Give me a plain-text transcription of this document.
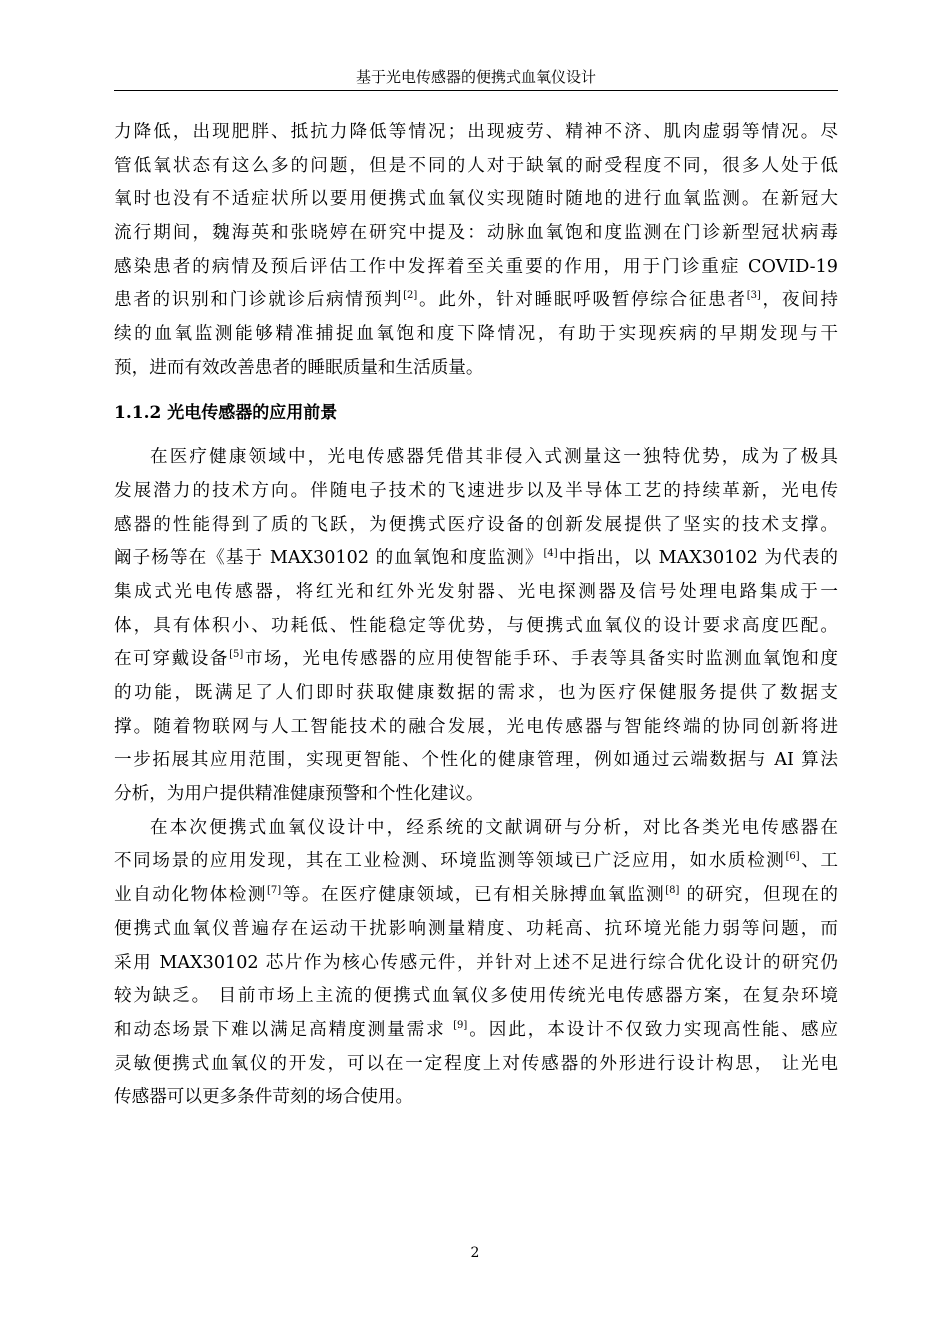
基于光电传感器的便携式血氧仪设计
力降低，出现肥胖、抵抗力降低等情况；出现疲劳、精神不济、肌肉虚弱等情况。尽
管低氧状态有这么多的问题，但是不同的人对于缺氧的耐受程度不同，很多人处于低
氧时也没有不适症状所以要用便携式血氧仪实现随时随地的进行血氧监测。在新冠大
流行期间，魏海英和张晓婷在研究中提及：动脉血氧饱和度监测在门诊新型冠状病毒
感染患者的病情及预后评估工作中发挥着至关重要的作用，用于门诊重症 COVID-19
患者的识别和门诊就诊后病情预判[2]。此外，针对睡眠呼吸暂停综合征患者[3]，夜间持
续的血氧监测能够精准捕捉血氧饱和度下降情况，有助于实现疾病的早期发现与干
预，进而有效改善患者的睡眠质量和生活质量。
1.1.2 光电传感器的应用前景
在医疗健康领域中，光电传感器凭借其非侵入式测量这一独特优势，成为了极具
发展潜力的技术方向。伴随电子技术的飞速进步以及半导体工艺的持续革新，光电传
感器的性能得到了质的飞跃，为便携式医疗设备的创新发展提供了坚实的技术支撑。
阚子杨等在《基于 MAX30102 的血氧饱和度监测》[4]中指出，以 MAX30102 为代表的
集成式光电传感器，将红光和红外光发射器、光电探测器及信号处理电路集成于一
体，具有体积小、功耗低、性能稳定等优势，与便携式血氧仪的设计要求高度匹配。
在可穿戴设备[5]市场，光电传感器的应用使智能手环、手表等具备实时监测血氧饱和度
的功能，既满足了人们即时获取健康数据的需求，也为医疗保健服务提供了数据支
撑。随着物联网与人工智能技术的融合发展，光电传感器与智能终端的协同创新将进
一步拓展其应用范围，实现更智能、个性化的健康管理，例如通过云端数据与 AI 算法
分析，为用户提供精准健康预警和个性化建议。
在本次便携式血氧仪设计中，经系统的文献调研与分析，对比各类光电传感器在
不同场景的应用发现，其在工业检测、环境监测等领域已广泛应用，如水质检测[6]、工
业自动化物体检测[7]等。在医疗健康领域，已有相关脉搏血氧监测[8] 的研究，但现在的
便携式血氧仪普遍存在运动干扰影响测量精度、功耗高、抗环境光能力弱等问题，而
采用 MAX30102 芯片作为核心传感元件，并针对上述不足进行综合优化设计的研究仍
较为缺乏。 目前市场上主流的便携式血氧仪多使用传统光电传感器方案，在复杂环境
和动态场景下难以满足高精度测量需求 [9]。因此，本设计不仅致力实现高性能、感应
灵敏便携式血氧仪的开发，可以在一定程度上对传感器的外形进行设计构思， 让光电
传感器可以更多条件苛刻的场合使用。
2
